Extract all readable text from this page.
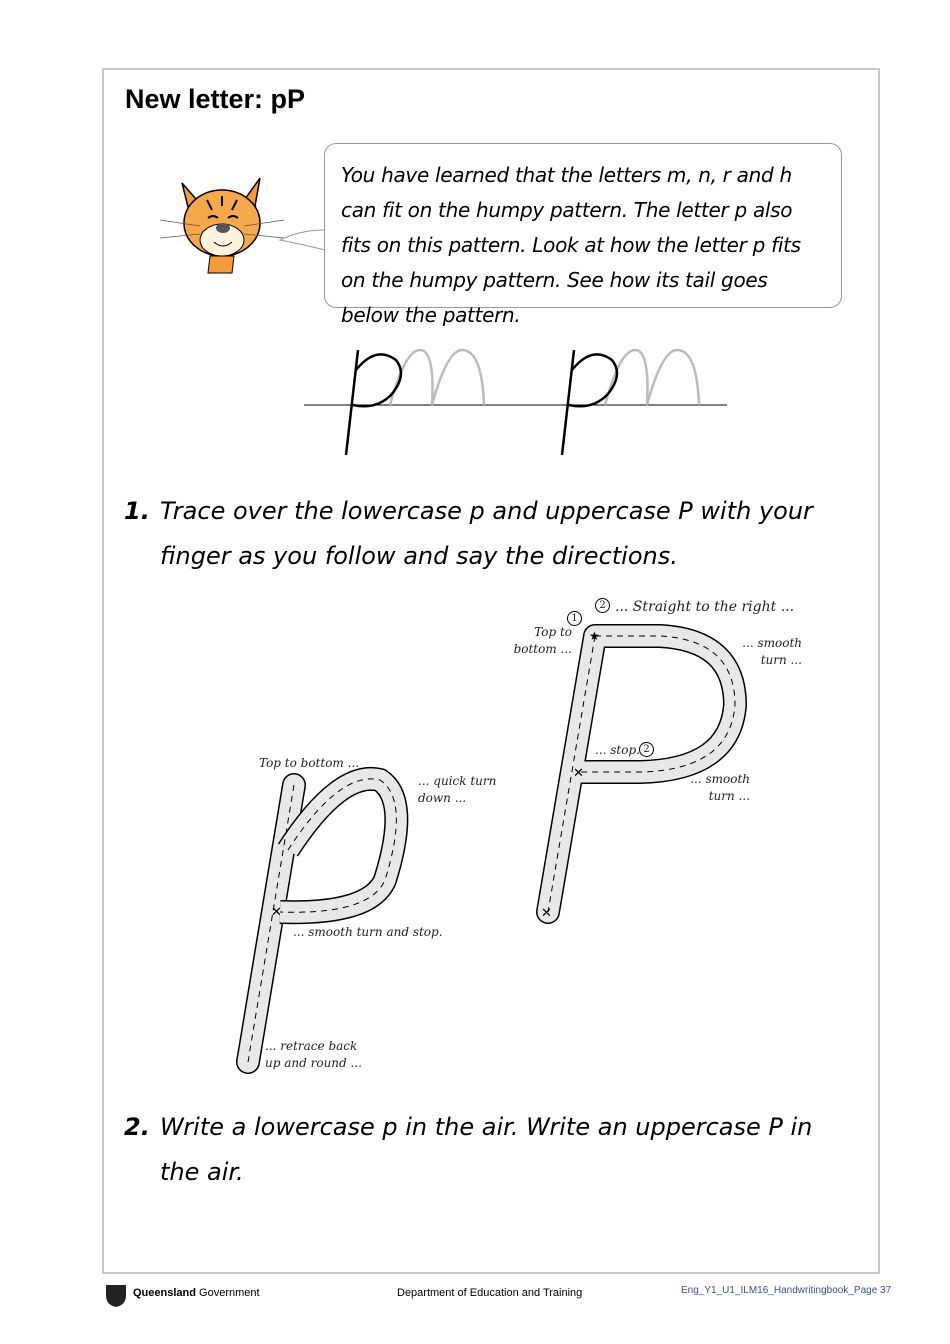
New letter: pP

You have learned that the letters m, n, r and h can fit on the humpy pattern. The letter p also fits on this pattern. Look at how the letter p fits on the humpy pattern. See how its tail goes below the pattern.

1. Trace over the lowercase p and uppercase P with your finger as you follow and say the directions.
✕
★
✕
✕
Top to bottom ...
... quick turn down ...
... smooth turn and stop.
... retrace back up and round ...
1
2 ... Straight to the right ...
Top to bottom ...	... smooth turn ...
... stop. 2
... smooth turn ...
2. Write a lowercase p in the air. Write an uppercase P in the air.
Queensland Government	Department of Education and Training	Eng_Y1_U1_ILM16_Handwritingbook_Page 37
